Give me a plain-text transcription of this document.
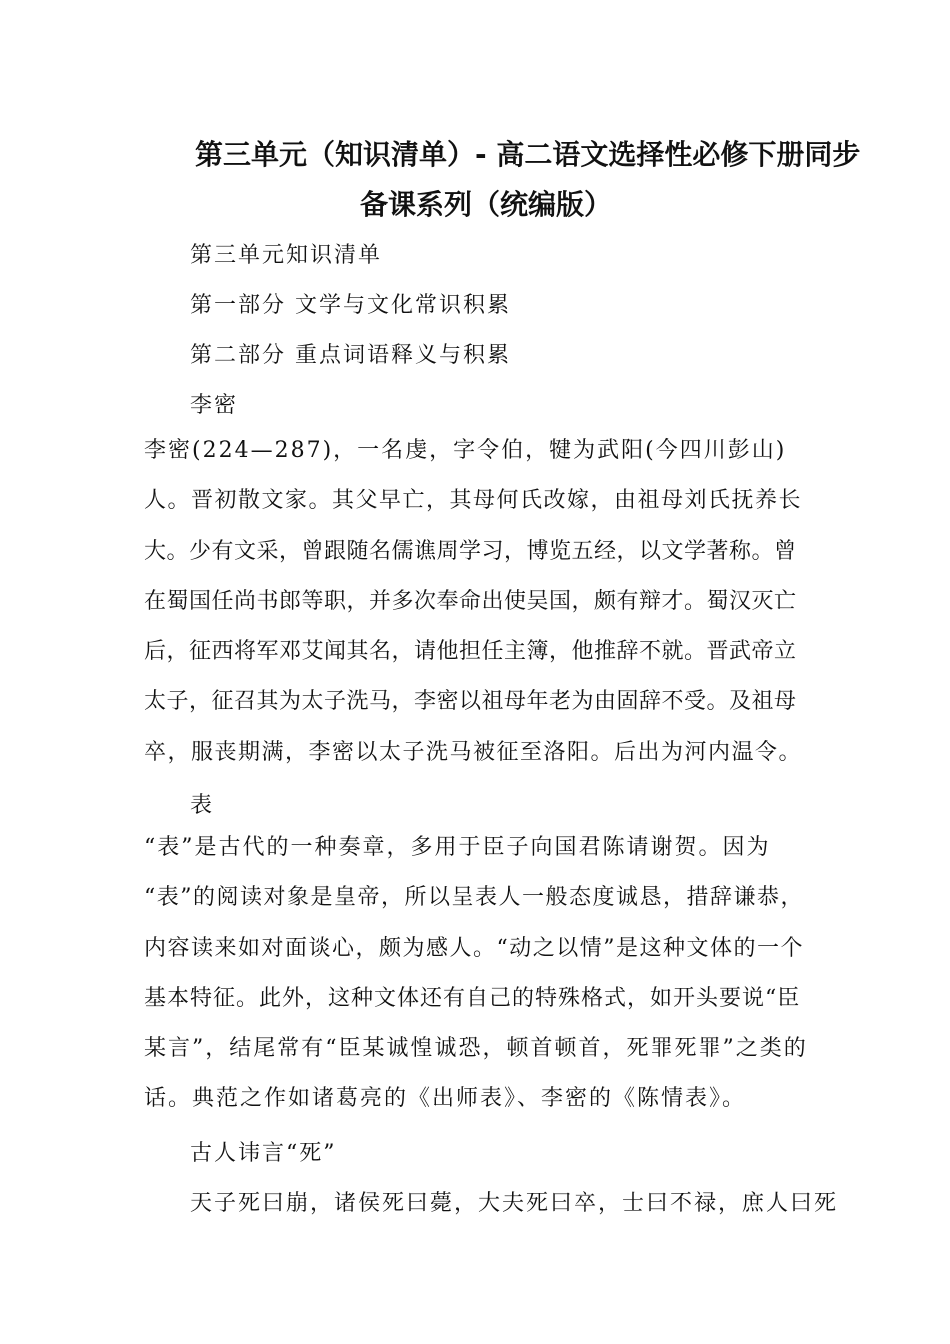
第三单元（知识清单）- 高二语文选择性必修下册同步
备课系列（统编版）
第三单元知识清单
第一部分 文学与文化常识积累
第二部分 重点词语释义与积累
李密
李密(224—287)，一名虔，字令伯，犍为武阳(今四川彭山)
人。晋初散文家。其父早亡，其母何氏改嫁，由祖母刘氏抚养长
大。少有文采，曾跟随名儒谯周学习，博览五经，以文学著称。曾
在蜀国任尚书郎等职，并多次奉命出使吴国，颇有辩才。蜀汉灭亡
后，征西将军邓艾闻其名，请他担任主簿，他推辞不就。晋武帝立
太子，征召其为太子洗马，李密以祖母年老为由固辞不受。及祖母
卒，服丧期满，李密以太子洗马被征至洛阳。后出为河内温令。
表
“表”是古代的一种奏章，多用于臣子向国君陈请谢贺。因为
“表”的阅读对象是皇帝，所以呈表人一般态度诚恳，措辞谦恭，
内容读来如对面谈心，颇为感人。“动之以情”是这种文体的一个
基本特征。此外，这种文体还有自己的特殊格式，如开头要说“臣
某言”，结尾常有“臣某诚惶诚恐，顿首顿首，死罪死罪”之类的
话。典范之作如诸葛亮的《出师表》、李密的《陈情表》。
古人讳言“死”
天子死曰崩，诸侯死曰薨，大夫死曰卒，士曰不禄，庶人曰死
